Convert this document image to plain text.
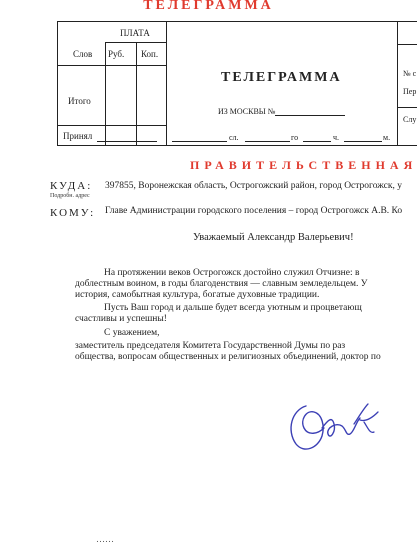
ТЕЛЕГРАММА
ПЛАТА
Слов Руб. Коп.
Итого
Принял
ТЕЛЕГРАММА
ИЗ МОСКВЫ №
сл.	го	ч.	м.
№ с
Пер
Слу
ПРАВИТЕЛЬСТВЕННАЯ
КУДА:
Подробн. адрес
397855, Воронежская область, Острогожский район, город Острогожск, у
КОМУ: Главе Администрации городского поселения – город Острогожск А.В. Ко
Уважаемый Александр Валерьевич!
На протяжении веков Острогожск достойно служил Отчизне: в
доблестным воином, в годы благоденствия — славным земледельцем. У
история, самобытная культура, богатые духовные традиции.
Пусть Ваш город и дальше будет всегда уютным и процветающ
счастливы и успешны!
С уважением,
заместитель председателя Комитета Государственной Думы по раз
общества, вопросам общественных и религиозных объединений, доктор по
……
